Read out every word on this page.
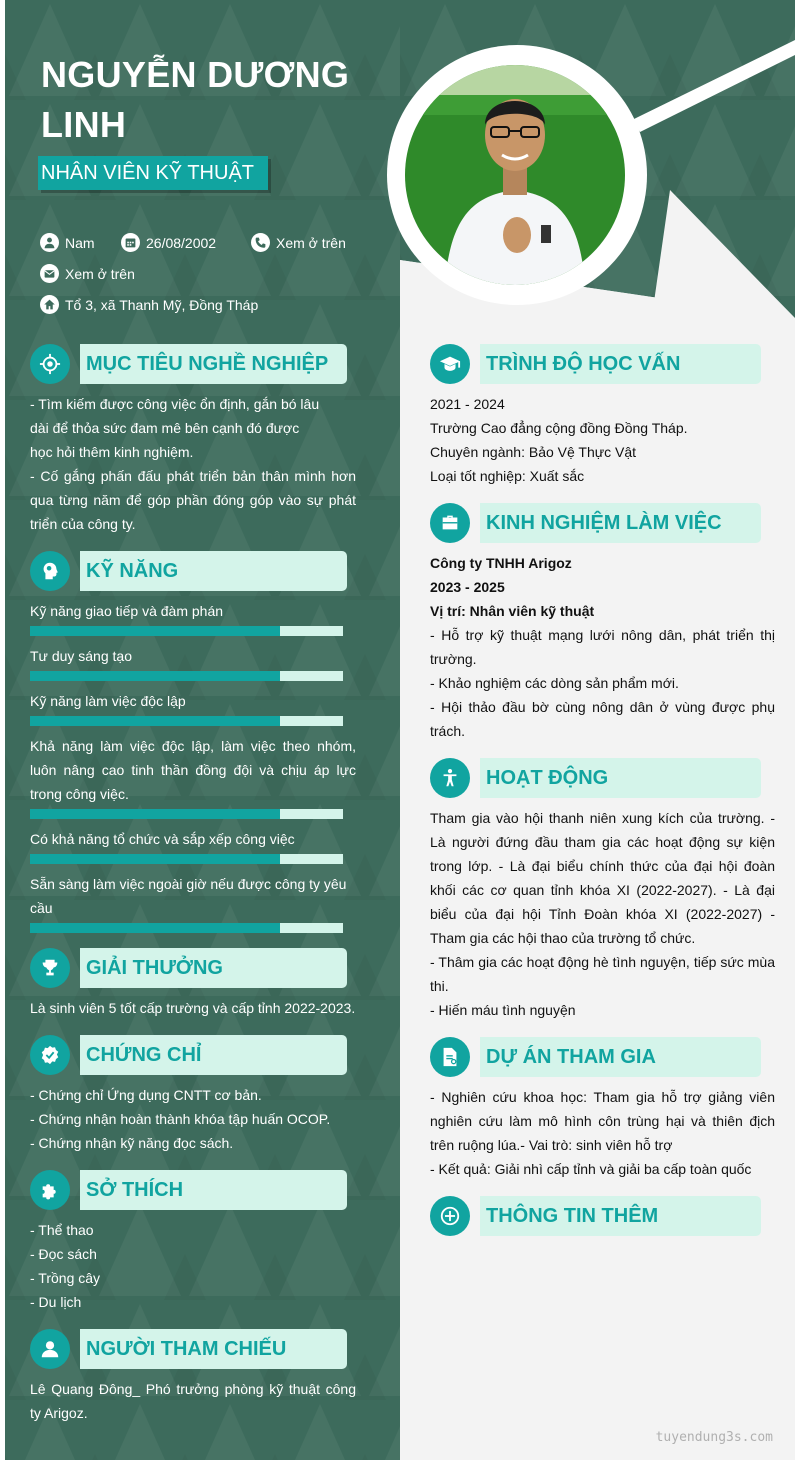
NGUYỄN DƯƠNG
LINH
NHÂN VIÊN KỸ THUẬT
Nam	26/08/2002	Xem ở trên
Xem ở trên
Tổ 3, xã Thanh Mỹ, Đồng Tháp
MỤC TIÊU NGHỀ NGHIỆP

- Tìm kiếm được công việc ổn định, gắn bó lâu

dài để thỏa sức đam mê bên cạnh đó được

học hỏi thêm kinh nghiệm.

- Cố gắng phấn đấu phát triển bản thân mình hơn qua từng năm để góp phần đóng góp vào sự phát triển của công ty.

KỸ NĂNG

Kỹ năng giao tiếp và đàm phán

Tư duy sáng tạo

Kỹ năng làm việc độc lập

Khả năng làm việc độc lập, làm việc theo nhóm, luôn nâng cao tinh thần đồng đội và chịu áp lực trong công việc.

Có khả năng tổ chức và sắp xếp công việc

Sẵn sàng làm việc ngoài giờ nếu được công ty yêu cầu

GIẢI THƯỞNG

Là sinh viên 5 tốt cấp trường và cấp tỉnh 2022-2023.

CHỨNG CHỈ

- Chứng chỉ Ứng dụng CNTT cơ bản.

- Chứng nhận hoàn thành khóa tập huấn OCOP.

- Chứng nhận kỹ năng đọc sách.

SỞ THÍCH

- Thể thao

- Đọc sách

- Trồng cây

- Du lịch

NGƯỜI THAM CHIẾU

Lê Quang Đông_ Phó trưởng phòng kỹ thuật công ty Arigoz.

TRÌNH ĐỘ HỌC VẤN

2021 - 2024

Trường Cao đẳng cộng đồng Đồng Tháp.

Chuyên ngành: Bảo Vệ Thực Vật

Loại tốt nghiệp: Xuất sắc

KINH NGHIỆM LÀM VIỆC

Công ty TNHH Arigoz

2023 - 2025

Vị trí: Nhân viên kỹ thuật

- Hỗ trợ kỹ thuật mạng lưới nông dân, phát triển thị trường.

- Khảo nghiệm các dòng sản phẩm mới.

- Hội thảo đầu bờ cùng nông dân ở vùng được phụ trách.

HOẠT ĐỘNG

Tham gia vào hội thanh niên xung kích của trường. - Là người đứng đầu tham gia các hoạt động sự kiện trong lớp. - Là đại biểu chính thức của đại hội đoàn khối các cơ quan tỉnh khóa XI (2022-2027). - Là đại biểu của đại hội Tỉnh Đoàn khóa XI (2022-2027) - Tham gia các hội thao của trường tổ chức.

- Thâm gia các hoạt động hè tình nguyện, tiếp sức mùa thi.

- Hiến máu tình nguyện

DỰ ÁN THAM GIA

- Nghiên cứu khoa học: Tham gia hỗ trợ giảng viên nghiên cứu làm mô hình côn trùng hại và thiên địch trên ruộng lúa.- Vai trò: sinh viên hỗ trợ

- Kết quả: Giải nhì cấp tỉnh và giải ba cấp toàn quốc

THÔNG TIN THÊM
tuyendung3s.com
